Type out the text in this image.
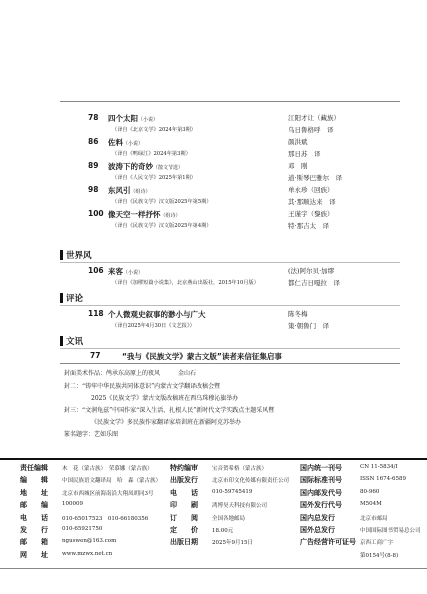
78 四个太阳（小说）	江阳才让（藏族）
（译自《北京文学》2024年第3期）	乌日鲁格呼　译
86 佐料（小说）	颜洪斌
（译自《鸭绿江》2024年第3期）	那日苏　译
89 波涛下的奇妙（散文节选）	邓　刚
（译自《人民文学》2025年第1期）	道·斯琴巴雅尔　译
98 东风引（组诗）	单永珍（回族）
（译自《民族文学》汉文版2025年第5期）	其·那顺达来　译
100 像天空一样抒怀（组诗）	王谨宇（黎族）
（译自《民族文学》汉文版2025年第4期）	特·那吉太　译
世界风
106 来客（小说）	(法)阿尔贝·加缪
（译自《加缪短篇小说集》，北京燕山出版社，2015年10月版）	都仁吉日嘎拉　译
评论
118 个人微观史叙事的渺小与广大	陈冬梅
（译自2025年4月30日《文艺报》）	策·朝鲁门　译
文讯
77	“我与《民族文学》蒙古文版”读者来信征集启事
封面美术作品：鸬承东高原上的夜风　　　金山石
封二：“铸牢中华民族共同体意识”内蒙古文学翻译改稿会暨
2025《民族文学》蒙古文版改稿班在西乌珠穆沁旗举办
封三：“文润龟兹”中国作家“深入生活、扎根人民”新时代文学实践点主题采风暨
《民族文学》多民族作家翻译家培训班在新疆阿克苏举办
篆名题字：艺如乐图
责任编辑	木　花（蒙古族）　荣慕娜（蒙古族）
编　　辑	中国民族语文翻译局　哈　森（蒙古族）
地　　址	北京市西城区前海南沿大翔凤胡同3号
邮　　编	100009
电　　话	010-65017523　010-66180356
发　　行	010-65921750
邮　　箱	nguswen@163.com
网　　址	www.mzwx.net.cn
特约编审	宝音贺希格（蒙古族）
出版发行	北京市印文化传媒有限责任公司
电　　话	010-59745419
印　　刷	鸿博昊天科技有限公司
订　　阅	全国各地邮局
定　　价	18.00元
出版日期	2025年9月15日
国内统一刊号	CN 11-5834/I
国际标准刊号	ISSN 1674-6589
国内邮发代号	80-960
国外发行代号	M504M
国内总发行	北京市邮局
国外总发行	中国国际图书贸易总公司
广告经营许可证号 京西工商广字
第0154号(8-8)
